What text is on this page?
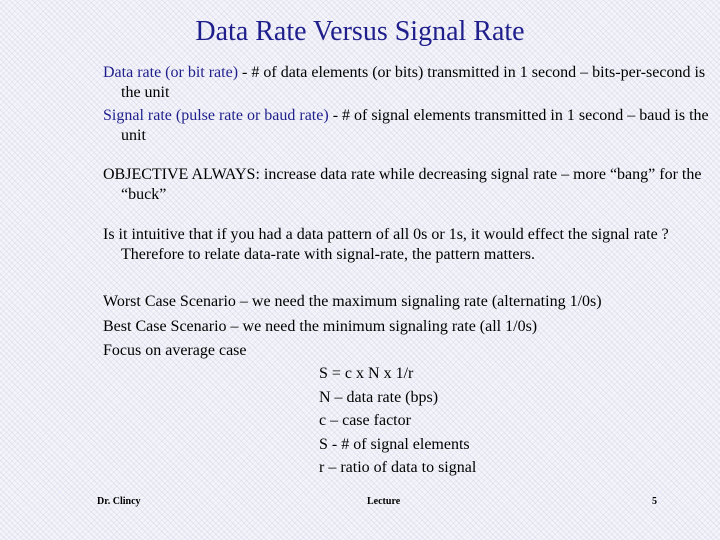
Data Rate Versus Signal Rate
Data rate (or bit rate) - # of data elements (or bits) transmitted in 1 second – bits-per-second is the unit
Signal rate (pulse rate or baud rate) - # of signal elements transmitted in 1 second – baud is the unit
OBJECTIVE ALWAYS: increase data rate while decreasing signal rate – more “bang” for the “buck”
Is it intuitive that if you had a data pattern of all 0s or 1s, it would effect the signal rate ? Therefore to relate data-rate with signal-rate, the pattern matters.
Worst Case Scenario – we need the maximum signaling rate (alternating 1/0s)
Best Case Scenario – we need the minimum signaling rate (all 1/0s)
Focus on average case
S = c x N x 1/r
N – data rate (bps)
c – case factor
S - # of signal elements
r – ratio of data to signal
Dr. Clincy	Lecture	5
